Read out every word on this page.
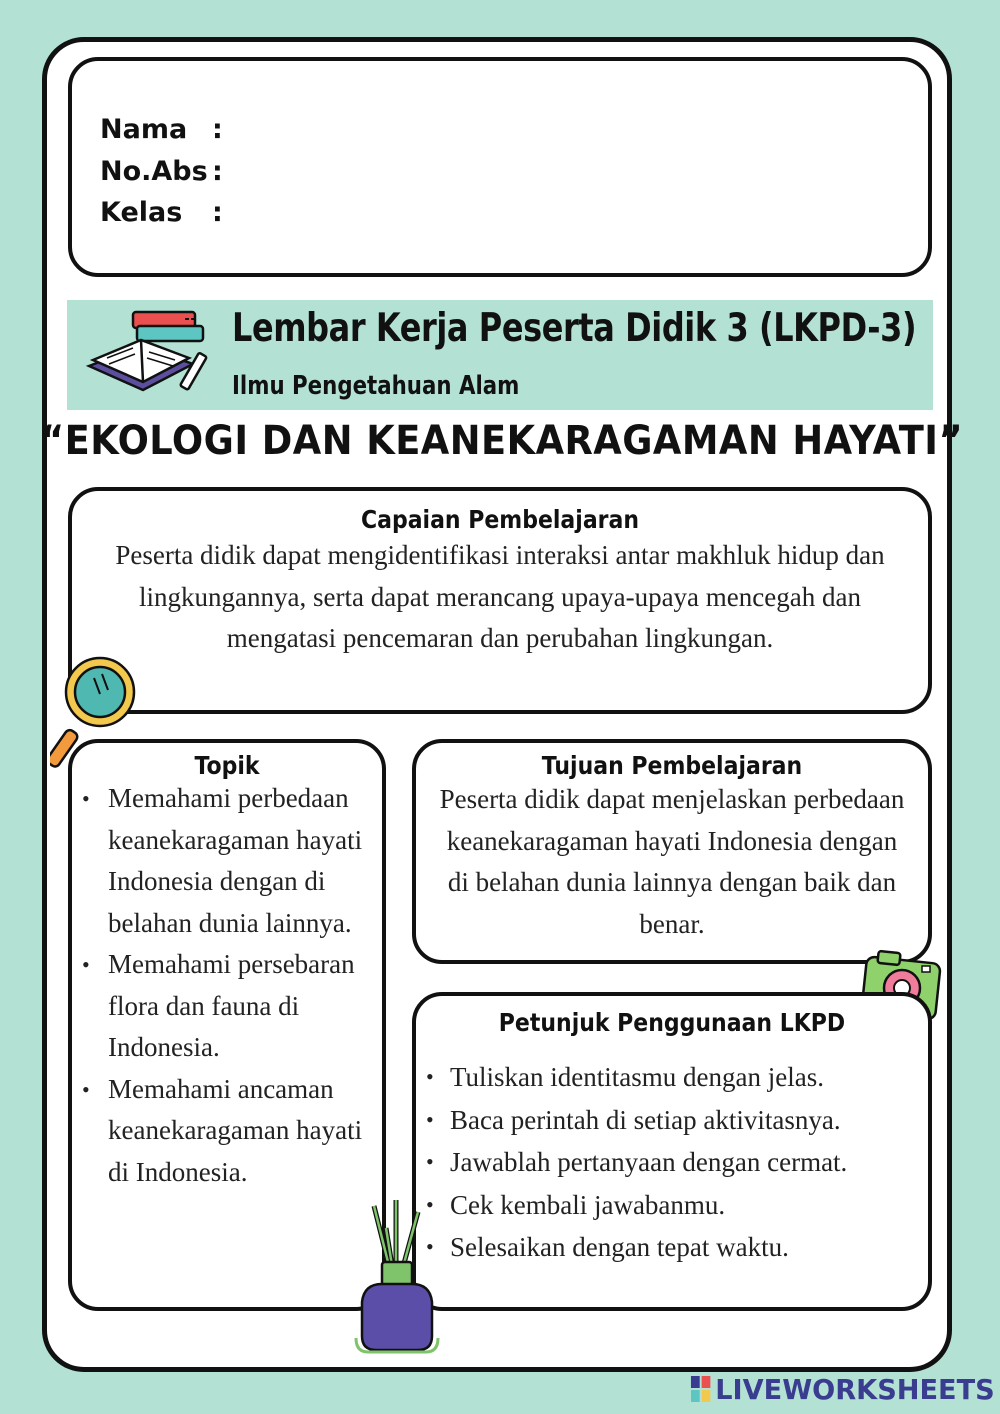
Nama :
No.Abs :
Kelas :
Lembar Kerja Peserta Didik 3 (LKPD-3)
Ilmu Pengetahuan Alam
“EKOLOGI DAN KEANEKARAGAMAN HAYATI”
Capaian Pembelajaran
Peserta didik dapat mengidentifikasi interaksi antar makhluk hidup dan lingkungannya, serta dapat merancang upaya-upaya mencegah dan mengatasi pencemaran dan perubahan lingkungan.
Topik
• Memahami perbedaan keanekaragaman hayati Indonesia dengan di belahan dunia lainnya.
• Memahami persebaran flora dan fauna di Indonesia.
• Memahami ancaman keanekaragaman hayati di Indonesia.
Tujuan Pembelajaran
Peserta didik dapat menjelaskan perbedaan keanekaragaman hayati Indonesia dengan di belahan dunia lainnya dengan baik dan benar.
Petunjuk Penggunaan LKPD
• Tuliskan identitasmu dengan jelas.
• Baca perintah di setiap aktivitasnya.
• Jawablah pertanyaan dengan cermat.
• Cek kembali jawabanmu.
• Selesaikan dengan tepat waktu.
LIVEWORKSHEETS
